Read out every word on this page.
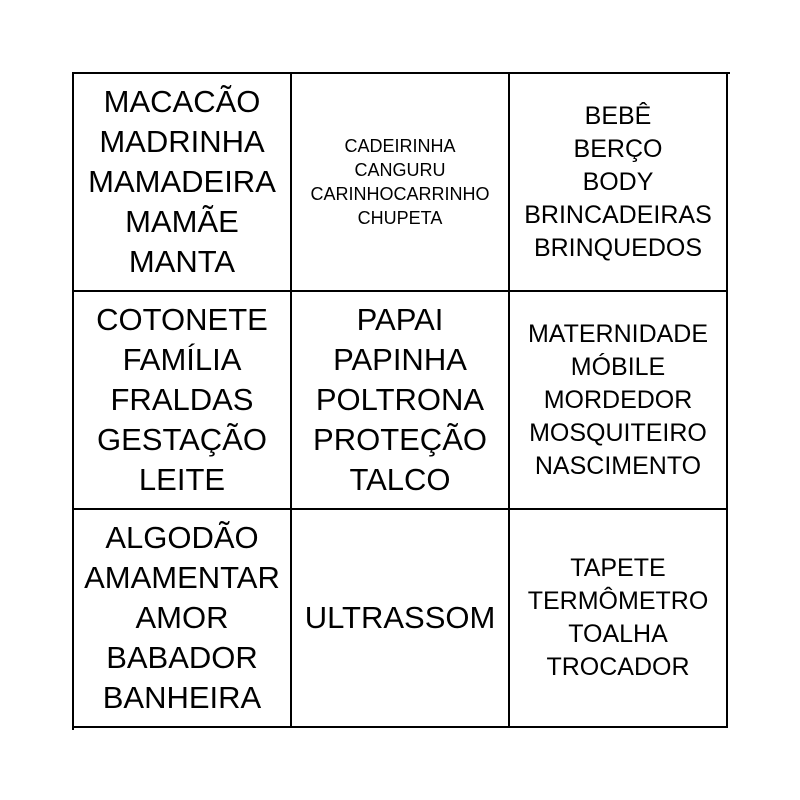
MACACÃO
MADRINHA
MAMADEIRA
MAMÃE
MANTA
CADEIRINHA
CANGURU
CARINHOCARRINHO
CHUPETA
BEBÊ
BERÇO
BODY
BRINCADEIRAS
BRINQUEDOS
COTONETE
FAMÍLIA
FRALDAS
GESTAÇÃO
LEITE
PAPAI
PAPINHA
POLTRONA
PROTEÇÃO
TALCO
MATERNIDADE
MÓBILE
MORDEDOR
MOSQUITEIRO
NASCIMENTO
ALGODÃO
AMAMENTAR
AMOR
BABADOR
BANHEIRA
ULTRASSOM
TAPETE
TERMÔMETRO
TOALHA
TROCADOR
